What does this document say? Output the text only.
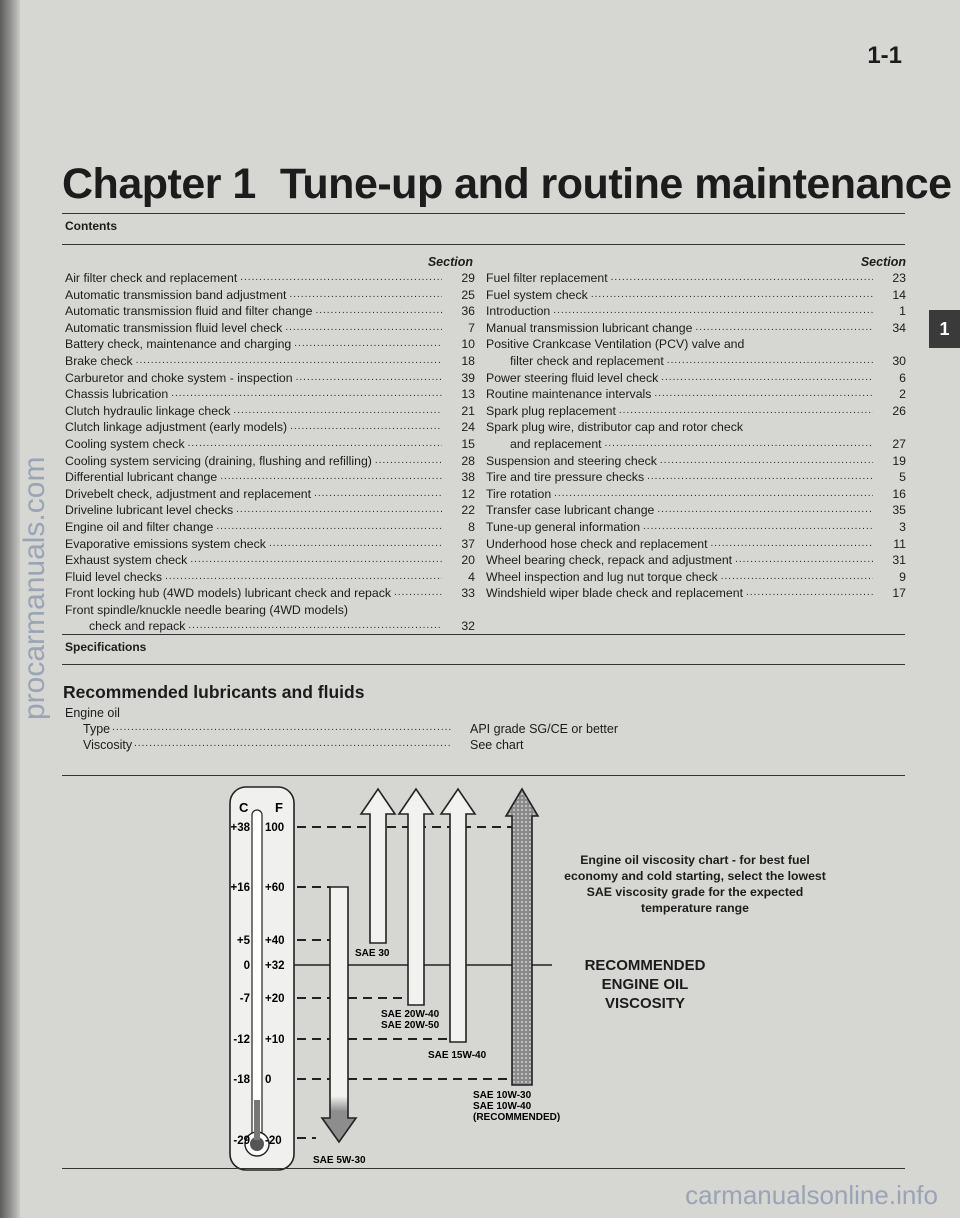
1-1
Chapter 1 Tune-up and routine maintenance
Contents
Section
Air filter check and replacement .....	29
Automatic transmission band adjustment .....	25
Automatic transmission fluid and filter change .....	36
Automatic transmission fluid level check .....	7
Battery check, maintenance and charging .....	10
Brake check .....	18
Carburetor and choke system - inspection .....	39
Chassis lubrication .....	13
Clutch hydraulic linkage check .....	21
Clutch linkage adjustment (early models) .....	24
Cooling system check .....	15
Cooling system servicing (draining, flushing and refilling) .....	28
Differential lubricant change .....	38
Drivebelt check, adjustment and replacement .....	12
Driveline lubricant level checks .....	22
Engine oil and filter change .....	8
Evaporative emissions system check .....	37
Exhaust system check .....	20
Fluid level checks .....	4
Front locking hub (4WD models) lubricant check and repack .....	33
Front spindle/knuckle needle bearing (4WD models)
check and repack .....	32
Section
Fuel filter replacement .....	23
Fuel system check .....	14
Introduction .....	1
Manual transmission lubricant change .....	34
Positive Crankcase Ventilation (PCV) valve and
filter check and replacement .....	30
Power steering fluid level check .....	6
Routine maintenance intervals .....	2
Spark plug replacement .....	26
Spark plug wire, distributor cap and rotor check
and replacement .....	27
Suspension and steering check .....	19
Tire and tire pressure checks .....	5
Tire rotation .....	16
Transfer case lubricant change .....	35
Tune-up general information .....	3
Underhood hose check and replacement .....	11
Wheel bearing check, repack and adjustment .....	31
Wheel inspection and lug nut torque check .....	9
Windshield wiper blade check and replacement .....	17
1
Specifications
Recommended lubricants and fluids
Engine oil
Type .....	API grade SG/CE or better
Viscosity .....	See chart
C F
+38
+16
+5
0
-7
-12
-18
-29
100
+60
+40
+32
+20
+10
0
-20
SAE 30
SAE 20W-40
SAE 20W-50
SAE 15W-40
SAE 10W-30
SAE 10W-40
(RECOMMENDED)
SAE 5W-30
Engine oil viscosity chart - for best fuel economy and cold starting, select the lowest SAE viscosity grade for the expected temperature range
RECOMMENDED
ENGINE OIL
VISCOSITY
procarmanuals.com
carmanualsonline.info
